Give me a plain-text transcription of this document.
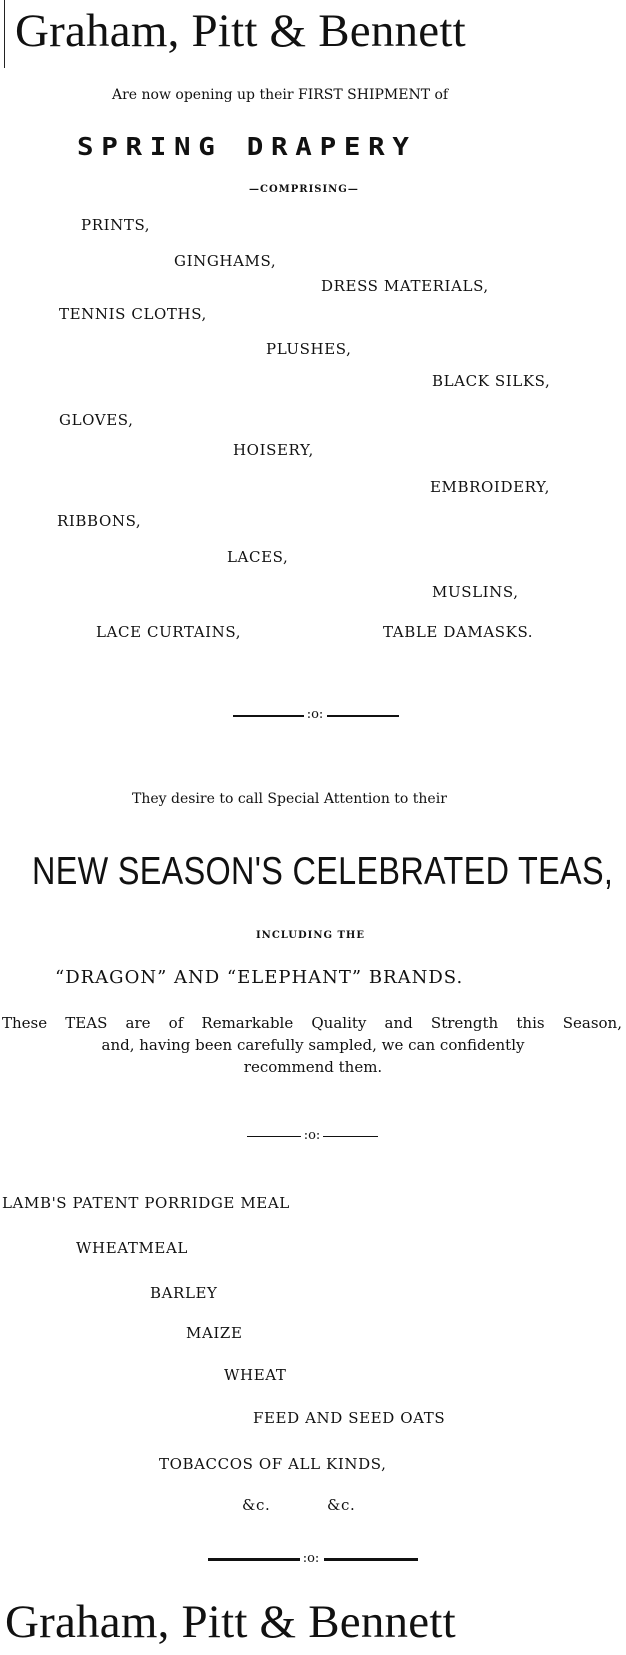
Graham, Pitt & Bennett
Are now opening up their FIRST SHIPMENT of
SPRING DRAPERY
—COMPRISING—
PRINTS,
GINGHAMS,
DRESS MATERIALS,
TENNIS CLOTHS,
PLUSHES,
BLACK SILKS,
GLOVES,
HOISERY,
EMBROIDERY,
RIBBONS,
LACES,
MUSLINS,
LACE CURTAINS,	TABLE DAMASKS.
:o:
They desire to call Special Attention to their
NEW SEASON'S CELEBRATED TEAS,
INCLUDING THE
“DRAGON” AND “ELEPHANT” BRANDS.
These TEAS are of Remarkable Quality and Strength this Season,
and, having been carefully sampled, we can confidently
recommend them.
:o:
LAMB'S PATENT PORRIDGE MEAL
WHEATMEAL
BARLEY
MAIZE
WHEAT
FEED AND SEED OATS
TOBACCOS OF ALL KINDS,
&c.	&c.
:o:
Graham, Pitt & Bennett
